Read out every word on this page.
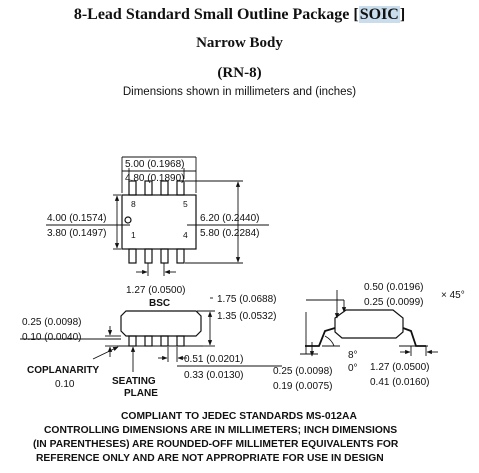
8-Lead Standard Small Outline Package [SOIC]
Narrow Body
(RN-8)
Dimensions shown in millimeters and (inches)
8	5
1	4
5.00 (0.1968)
4.80 (0.1890)
4.00 (0.1574)
3.80 (0.1497)
6.20 (0.2440)
5.80 (0.2284)
1.27 (0.0500)
BSC	1.75 (0.0688)
1.35 (0.0532)
0.25 (0.0098)
0.10 (0.0040)
COPLANARITY
0.10	SEATING
PLANE
0.51 (0.0201)
0.33 (0.0130)
0.50 (0.0196)
0.25 (0.0099)
× 45°
8°
0°
0.25 (0.0098)
0.19 (0.0075)
1.27 (0.0500)
0.41 (0.0160)
COMPLIANT TO JEDEC STANDARDS MS-012AA
CONTROLLING DIMENSIONS ARE IN MILLIMETERS; INCH DIMENSIONS
(IN PARENTHESES) ARE ROUNDED-OFF MILLIMETER EQUIVALENTS FOR
REFERENCE ONLY AND ARE NOT APPROPRIATE FOR USE IN DESIGN
